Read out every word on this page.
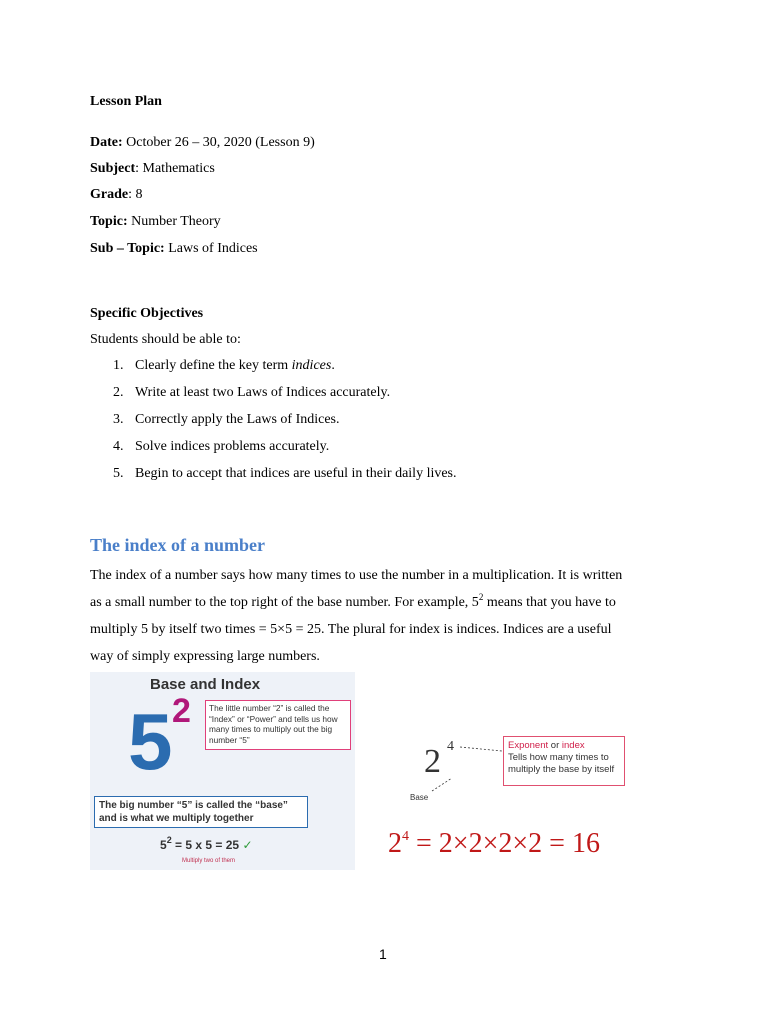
Lesson Plan
Date: October 26 – 30, 2020 (Lesson 9)
Subject: Mathematics
Grade: 8
Topic: Number Theory
Sub – Topic: Laws of Indices
Specific Objectives
Students should be able to:
1. Clearly define the key term indices.
2. Write at least two Laws of Indices accurately.
3. Correctly apply the Laws of Indices.
4. Solve indices problems accurately.
5. Begin to accept that indices are useful in their daily lives.
The index of a number
The index of a number says how many times to use the number in a multiplication. It is written
as a small number to the top right of the base number. For example, $5^2$ means that you have to
multiply 5 by itself two times = 5×5 = 25. The plural for index is indices. Indices are a useful
way of simply expressing large numbers.
Base and Index
5 2	The little number “2” is called the “Index” or “Power” and tells us how many times to multiply out the big number “5”
The big number “5” is called the “base” and is what we multiply together
$5^2 = 5$ x 5 = 25 ✓
Multiply two of them
2 4	Exponent or index
Tells how many times to multiply the base by itself
Base
$2^4 = 2\times 2\times 2\times 2 = 16$
1
